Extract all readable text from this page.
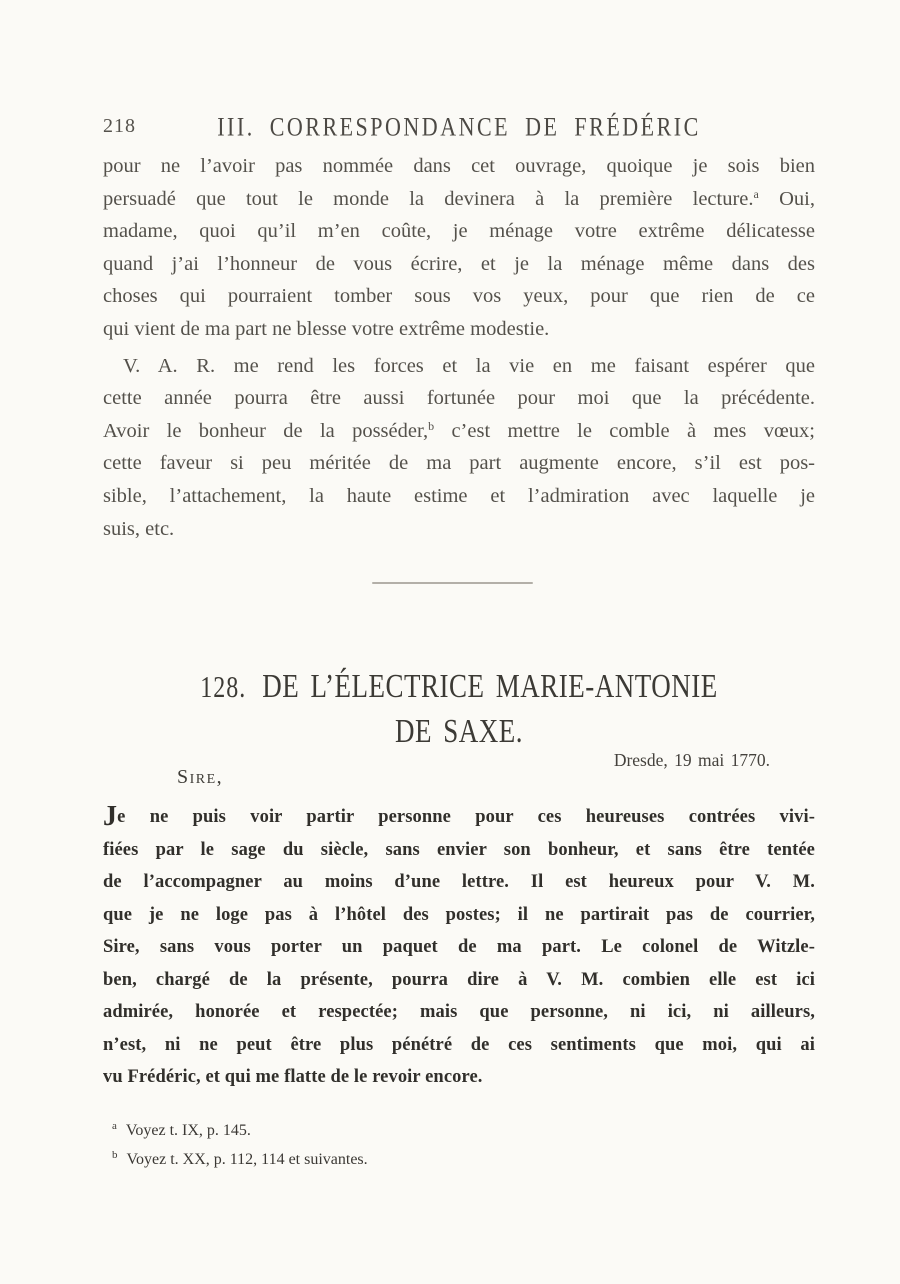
218	III. CORRESPONDANCE DE FRÉDÉRIC
pour ne l’avoir pas nommée dans cet ouvrage, quoique je sois bien
persuadé que tout le monde la devinera à la première lecture.$^a$ Oui,
madame, quoi qu’il m’en coûte, je ménage votre extrême délicatesse
quand j’ai l’honneur de vous écrire, et je la ménage même dans des
choses qui pourraient tomber sous vos yeux, pour que rien de ce
qui vient de ma part ne blesse votre extrême modestie.
V. A. R. me rend les forces et la vie en me faisant espérer que
cette année pourra être aussi fortunée pour moi que la précédente.
Avoir le bonheur de la posséder,$^b$ c’est mettre le comble à mes vœux;
cette faveur si peu méritée de ma part augmente encore, s’il est pos-
sible, l’attachement, la haute estime et l’admiration avec laquelle je
suis, etc.
128. DE L’ÉLECTRICE MARIE-ANTONIE
DE SAXE.
Dresde, 19 mai 1770.
Sire,
Je ne puis voir partir personne pour ces heureuses contrées vivi-
fiées par le sage du siècle, sans envier son bonheur, et sans être tentée
de l’accompagner au moins d’une lettre. Il est heureux pour V. M.
que je ne loge pas à l’hôtel des postes; il ne partirait pas de courrier,
Sire, sans vous porter un paquet de ma part. Le colonel de Witzle-
ben, chargé de la présente, pourra dire à V. M. combien elle est ici
admirée, honorée et respectée; mais que personne, ni ici, ni ailleurs,
n’est, ni ne peut être plus pénétré de ces sentiments que moi, qui ai
vu Frédéric, et qui me flatte de le revoir encore.
$^a$ Voyez t. IX, p. 145.
$^b$ Voyez t. XX, p. 112, 114 et suivantes.
